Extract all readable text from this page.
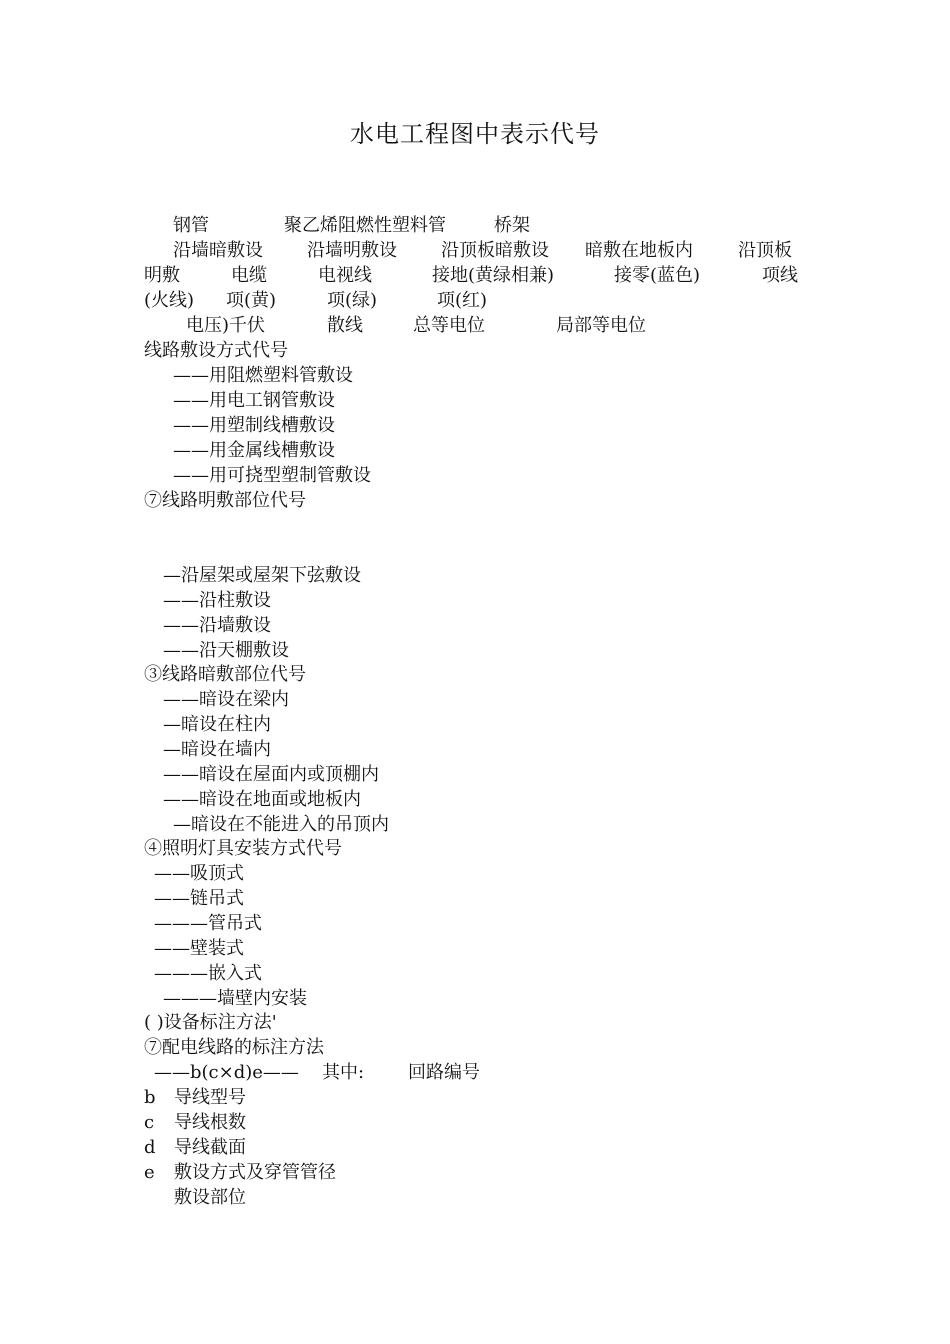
水电工程图中表示代号
钢管	聚乙烯阻燃性塑料管	桥架
沿墙暗敷设 沿墙明敷设 沿顶板暗敷设 暗敷在地板内	沿顶板
明敷	电缆	电视线	接地(黄绿相兼)	接零(蓝色)	项线
(火线) 项(黄)	项(绿)	项(红)
电压)千伏	散线	总等电位	局部等电位
线路敷设方式代号
——用阻燃塑料管敷设
——用电工钢管敷设
——用塑制线槽敷设
——用金属线槽敷设
——用可挠型塑制管敷设
⑦线路明敷部位代号
—沿屋架或屋架下弦敷设
——沿柱敷设
——沿墙敷设
——沿天棚敷设
③线路暗敷部位代号
——暗设在梁内
—暗设在柱内
—暗设在墙内
——暗设在屋面内或顶棚内
——暗设在地面或地板内
—暗设在不能进入的吊顶内
④照明灯具安装方式代号
——吸顶式
——链吊式
———管吊式
——壁装式
———嵌入式
———墙壁内安装
( )设备标注方法'
⑦配电线路的标注方法
——b(c×d)e—— 其中: 回路编号
b 导线型号
c 导线根数
d 导线截面
e 敷设方式及穿管管径
敷设部位
